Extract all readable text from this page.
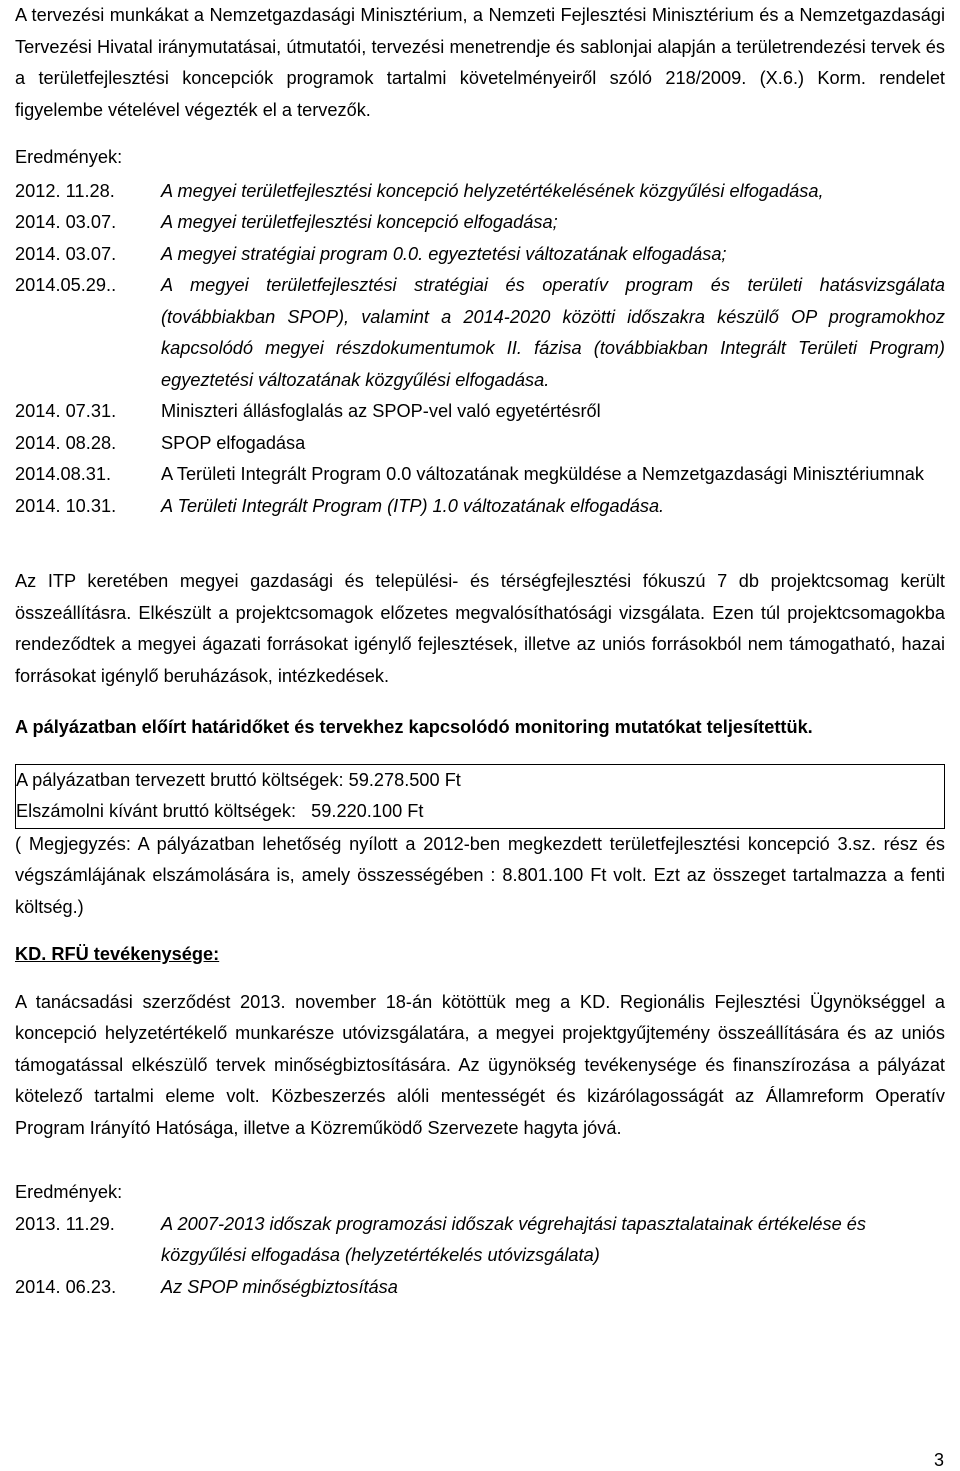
A tervezési munkákat a Nemzetgazdasági Minisztérium, a Nemzeti Fejlesztési Minisztérium és a Nemzetgazdasági Tervezési Hivatal iránymutatásai, útmutatói, tervezési menetrendje és sablonjai alapján a területrendezési tervek és a területfejlesztési koncepciók programok tartalmi követelményeiről szóló 218/2009. (X.6.) Korm. rendelet figyelembe vételével végezték el a tervezők.

Eredmények:

2012. 11.28.	A megyei területfejlesztési koncepció helyzetértékelésének közgyűlési elfogadása,
2014. 03.07.	A megyei területfejlesztési koncepció elfogadása;
2014. 03.07.	A megyei stratégiai program 0.0. egyeztetési változatának elfogadása;
2014.05.29..	A megyei területfejlesztési stratégiai és operatív program és területi hatásvizsgálata (továbbiakban SPOP), valamint a 2014-2020 közötti időszakra készülő OP programokhoz kapcsolódó megyei részdokumentumok II. fázisa (továbbiakban Integrált Területi Program) egyeztetési változatának közgyűlési elfogadása.
2014. 07.31.	Miniszteri állásfoglalás az SPOP-vel való egyetértésről
2014. 08.28.	SPOP elfogadása
2014.08.31.	A Területi Integrált Program 0.0 változatának megküldése a Nemzetgazdasági Minisztériumnak
2014. 10.31.	A Területi Integrált Program (ITP) 1.0 változatának elfogadása.

Az ITP keretében megyei gazdasági és települési- és térségfejlesztési fókuszú 7 db projektcsomag került összeállításra. Elkészült a projektcsomagok előzetes megvalósíthatósági vizsgálata. Ezen túl projektcsomagokba rendeződtek a megyei ágazati forrásokat igénylő fejlesztések, illetve az uniós forrásokból nem támogatható, hazai forrásokat igénylő beruházások, intézkedések.

A pályázatban előírt határidőket és tervekhez kapcsolódó monitoring mutatókat teljesítettük.

A pályázatban tervezett bruttó költségek: 59.278.500 Ft

Elszámolni kívánt bruttó költségek:   59.220.100 Ft

( Megjegyzés: A pályázatban lehetőség nyílott a 2012-ben megkezdett területfejlesztési koncepció 3.sz. rész és végszámlájának elszámolására is, amely összességében : 8.801.100 Ft volt. Ezt az összeget tartalmazza a fenti költség.)

KD. RFÜ tevékenysége:

A tanácsadási szerződést 2013. november 18-án kötöttük meg a KD. Regionális Fejlesztési Ügynökséggel a koncepció helyzetértékelő munkarésze utóvizsgálatára, a megyei projektgyűjtemény összeállítására és az uniós támogatással elkészülő tervek minőségbiztosítására. Az ügynökség tevékenysége és finanszírozása a pályázat kötelező tartalmi eleme volt. Közbeszerzés alóli mentességét és kizárólagosságát az Államreform Operatív Program Irányító Hatósága, illetve a Közreműködő Szervezete hagyta jóvá.

Eredmények:

2013. 11.29.	A 2007-2013 időszak programozási időszak végrehajtási tapasztalatainak értékelése és közgyűlési elfogadása (helyzetértékelés utóvizsgálata)
2014. 06.23.	Az SPOP minőségbiztosítása
3
